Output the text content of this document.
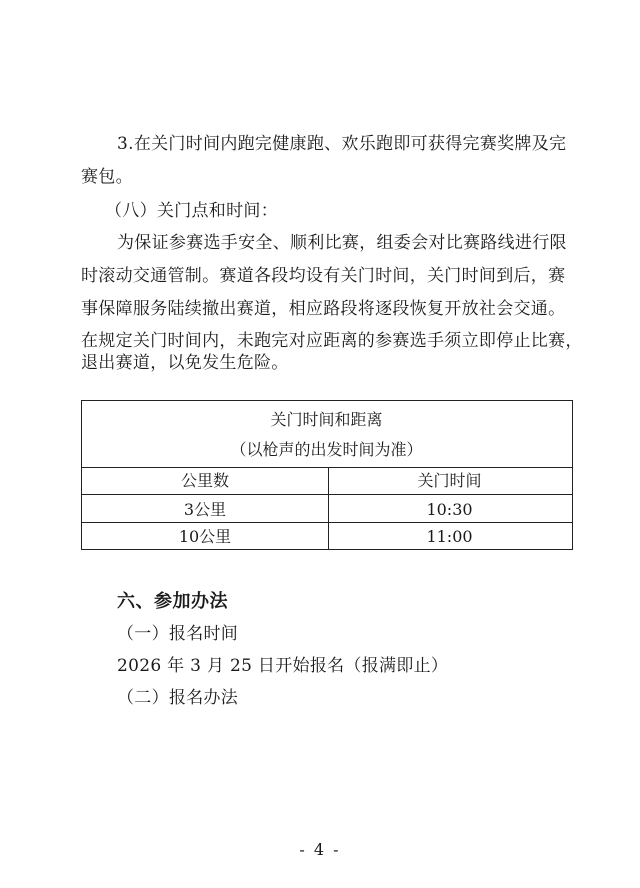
3.在关门时间内跑完健康跑、欢乐跑即可获得完赛奖牌及完
赛包。
（八）关门点和时间：
为保证参赛选手安全、顺利比赛，组委会对比赛路线进行限
时滚动交通管制。赛道各段均设有关门时间，关门时间到后，赛
事保障服务陆续撤出赛道，相应路段将逐段恢复开放社会交通。
在规定关门时间内，未跑完对应距离的参赛选手须立即停止比赛，
退出赛道，以免发生危险。
关门时间和距离
（以枪声的出发时间为准）
公里数	关门时间
3公里	10:30
10公里	11:00
六、参加办法
（一）报名时间
2026 年 3 月 25 日开始报名（报满即止）
（二）报名办法
- 4 -
